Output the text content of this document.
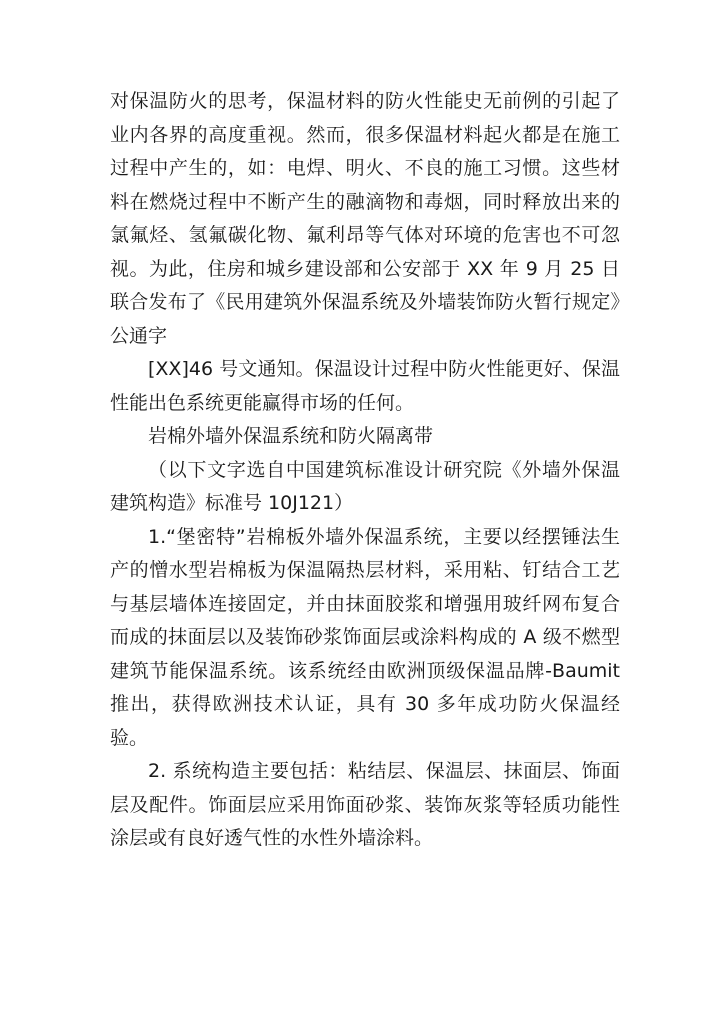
对保温防火的思考，保温材料的防火性能史无前例的引起了业内各界的高度重视。然而，很多保温材料起火都是在施工过程中产生的，如：电焊、明火、不良的施工习惯。这些材料在燃烧过程中不断产生的融滴物和毒烟，同时释放出来的氯氟烃、氢氟碳化物、氟利昂等气体对环境的危害也不可忽视。为此，住房和城乡建设部和公安部于 XX 年 9 月 25 日联合发布了《民用建筑外保温系统及外墙装饰防火暂行规定》公通字

[XX]46 号文通知。保温设计过程中防火性能更好、保温性能出色系统更能赢得市场的任何。

岩棉外墙外保温系统和防火隔离带

（以下文字选自中国建筑标准设计研究院《外墙外保温建筑构造》标准号 10J121）

1.“堡密特”岩棉板外墙外保温系统，主要以经摆锤法生产的憎水型岩棉板为保温隔热层材料，采用粘、钉结合工艺与基层墙体连接固定，并由抹面胶浆和增强用玻纤网布复合而成的抹面层以及装饰砂浆饰面层或涂料构成的 A 级不燃型建筑节能保温系统。该系统经由欧洲顶级保温品牌-Baumit 推出，获得欧洲技术认证，具有 30 多年成功防火保温经验。

2. 系统构造主要包括：粘结层、保温层、抹面层、饰面层及配件。饰面层应采用饰面砂浆、装饰灰浆等轻质功能性涂层或有良好透气性的水性外墙涂料。
